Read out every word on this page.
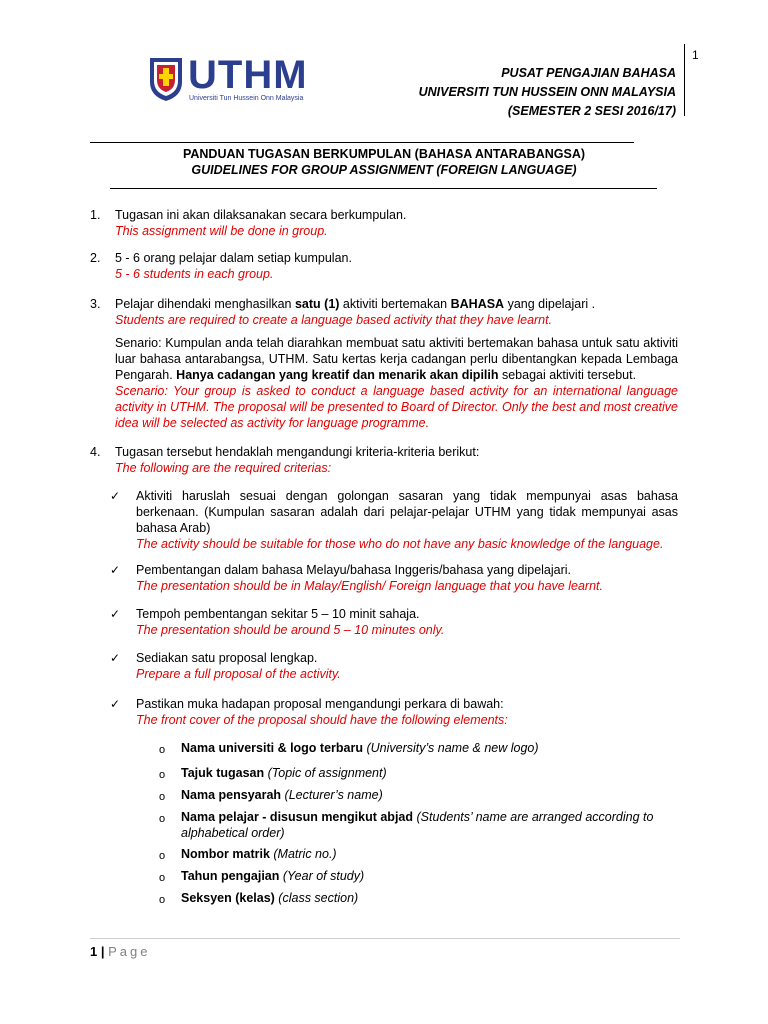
1
UTHM
Universiti Tun Hussein Onn Malaysia
PUSAT PENGAJIAN BAHASA
UNIVERSITI TUN HUSSEIN ONN MALAYSIA
(SEMESTER 2 SESI 2016/17)
PANDUAN TUGASAN BERKUMPULAN (BAHASA ANTARABANGSA)
GUIDELINES FOR GROUP ASSIGNMENT (FOREIGN LANGUAGE)
1. Tugasan ini akan dilaksanakan secara berkumpulan.
This assignment will be done in group.
2. 5 - 6 orang pelajar dalam setiap kumpulan.
5 - 6 students in each group.
3. Pelajar dihendaki menghasilkan satu (1) aktiviti bertemakan BAHASA yang dipelajari .
Students are required to create a language based activity that they have learnt.
Senario: Kumpulan anda telah diarahkan membuat satu aktiviti bertemakan bahasa untuk satu aktiviti luar bahasa antarabangsa, UTHM. Satu kertas kerja cadangan perlu dibentangkan kepada Lembaga Pengarah. Hanya cadangan yang kreatif dan menarik akan dipilih sebagai aktiviti tersebut.
Scenario: Your group is asked to conduct a language based activity for an international language activity in UTHM. The proposal will be presented to Board of Director. Only the best and most creative idea will be selected as activity for language programme.
4. Tugasan tersebut hendaklah mengandungi kriteria-kriteria berikut:
The following are the required criterias:
✓ Aktiviti haruslah sesuai dengan golongan sasaran yang tidak mempunyai asas bahasa berkenaan. (Kumpulan sasaran adalah dari pelajar-pelajar UTHM yang tidak mempunyai asas bahasa Arab)
The activity should be suitable for those who do not have any basic knowledge of the language.
✓ Pembentangan dalam bahasa Melayu/bahasa Inggeris/bahasa yang dipelajari.
The presentation should be in Malay/English/ Foreign language that you have learnt.
✓ Tempoh pembentangan sekitar 5 – 10 minit sahaja.
The presentation should be around 5 – 10 minutes only.
✓ Sediakan satu proposal lengkap.
Prepare a full proposal of the activity.
✓ Pastikan muka hadapan proposal mengandungi perkara di bawah:
The front cover of the proposal should have the following elements:
o Nama universiti & logo terbaru (University’s name & new logo)
o Tajuk tugasan (Topic of assignment)
o Nama pensyarah (Lecturer’s name)
o Nama pelajar - disusun mengikut abjad (Students’ name are arranged according to alphabetical order)
o Nombor matrik (Matric no.)
o Tahun pengajian (Year of study)
o Seksyen (kelas) (class section)
1 | Page
